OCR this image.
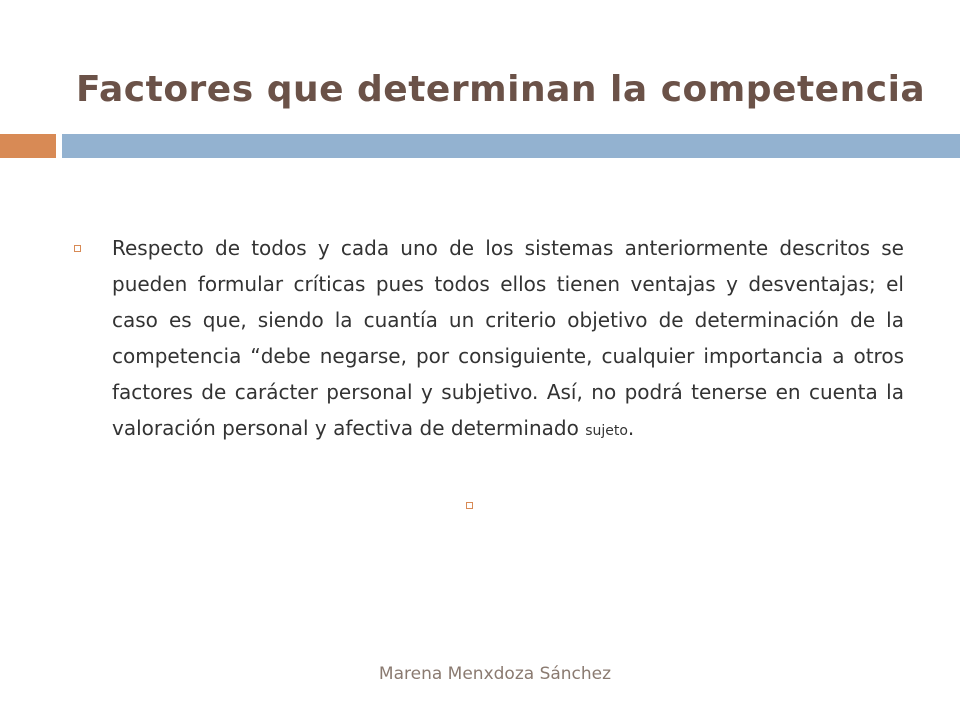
Factores que determinan la competencia

Respecto de todos y cada uno de los sistemas anteriormente descritos se pueden formular críticas pues todos ellos tienen ventajas y desventajas; el caso es que, siendo la cuantía un criterio objetivo de determinación de la competencia “debe negarse, por consiguiente, cualquier importancia a otros factores de carácter personal y subjetivo. Así, no podrá tenerse en cuenta la valoración personal y afectiva de determinado sujeto.

Marena Menxdoza Sánchez
